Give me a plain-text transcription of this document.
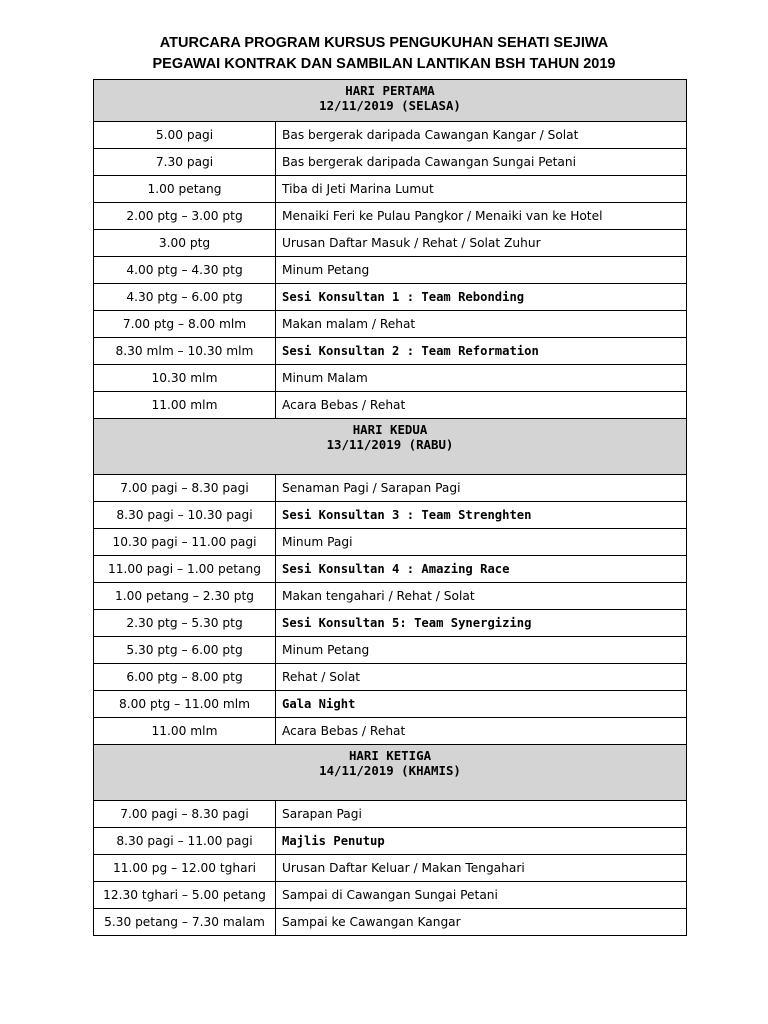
ATURCARA PROGRAM KURSUS PENGUKUHAN SEHATI SEJIWA
PEGAWAI KONTRAK DAN SAMBILAN LANTIKAN BSH TAHUN 2019
HARI PERTAMA
12/11/2019 (SELASA)	

5.00 pagi	Bas bergerak daripada Cawangan Kangar / Solat
7.30 pagi	Bas bergerak daripada Cawangan Sungai Petani
1.00 petang	Tiba di Jeti Marina Lumut
2.00 ptg – 3.00 ptg	Menaiki Feri ke Pulau Pangkor / Menaiki van ke Hotel
3.00 ptg	Urusan Daftar Masuk / Rehat / Solat Zuhur
4.00 ptg – 4.30 ptg	Minum Petang
4.30 ptg – 6.00 ptg	Sesi Konsultan 1 : Team Rebonding
7.00 ptg – 8.00 mlm	Makan malam / Rehat
8.30 mlm – 10.30 mlm	Sesi Konsultan 2 : Team Reformation
10.30 mlm	Minum Malam
11.00 mlm	Acara Bebas / Rehat

HARI KEDUA
13/11/2019 (RABU)	

7.00 pagi – 8.30 pagi	Senaman Pagi / Sarapan Pagi
8.30 pagi – 10.30 pagi	Sesi Konsultan 3 : Team Strenghten
10.30 pagi – 11.00 pagi	Minum Pagi
11.00 pagi – 1.00 petang	Sesi Konsultan 4 : Amazing Race
1.00 petang – 2.30 ptg	Makan tengahari / Rehat / Solat
2.30 ptg – 5.30 ptg	Sesi Konsultan 5: Team Synergizing
5.30 ptg – 6.00 ptg	Minum Petang
6.00 ptg – 8.00 ptg	Rehat / Solat
8.00 ptg – 11.00 mlm	Gala Night
11.00 mlm	Acara Bebas / Rehat

HARI KETIGA
14/11/2019 (KHAMIS)	

7.00 pagi – 8.30 pagi	Sarapan Pagi
8.30 pagi – 11.00 pagi	Majlis Penutup
11.00 pg – 12.00 tghari	Urusan Daftar Keluar / Makan Tengahari
12.30 tghari – 5.00 petang	Sampai di Cawangan Sungai Petani
5.30 petang – 7.30 malam	Sampai ke Cawangan Kangar
